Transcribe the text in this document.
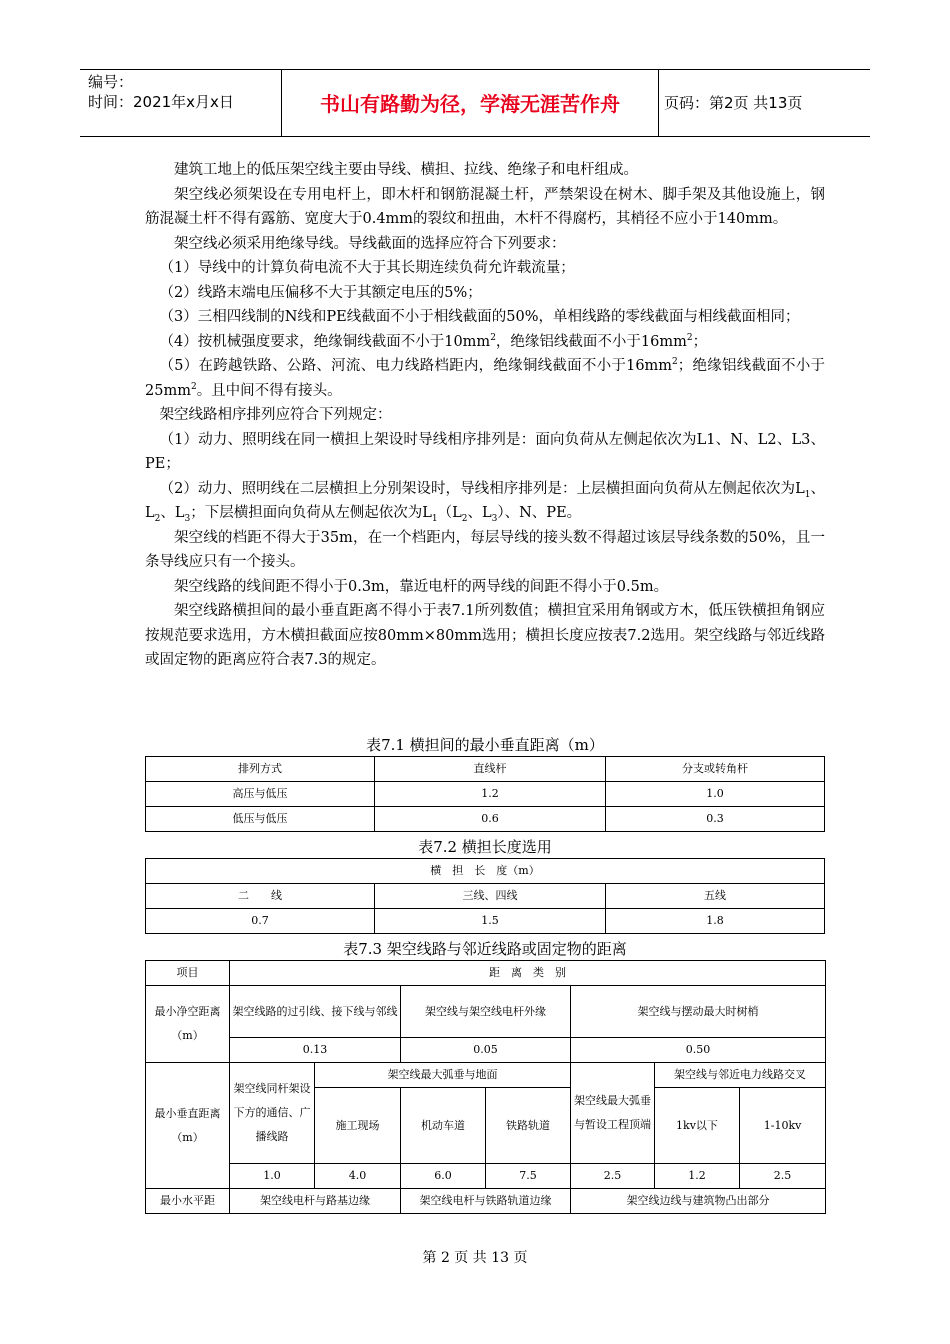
编号：
时间：2021年x月x日	书山有路勤为径，学海无涯苦作舟	页码：第2页 共13页

建筑工地上的低压架空线主要由导线、横担、拉线、绝缘子和电杆组成。

架空线必须架设在专用电杆上，即木杆和钢筋混凝土杆，严禁架设在树木、脚手架及其他设施上，钢筋混凝土杆不得有露筋、宽度大于0.4mm的裂纹和扭曲，木杆不得腐朽，其梢径不应小于140mm。

架空线必须采用绝缘导线。导线截面的选择应符合下列要求：

（1）导线中的计算负荷电流不大于其长期连续负荷允许载流量；

（2）线路末端电压偏移不大于其额定电压的5%；

（3）三相四线制的N线和PE线截面不小于相线截面的50%，单相线路的零线截面与相线截面相同；

（4）按机械强度要求，绝缘铜线截面不小于$10mm^2$，绝缘铝线截面不小于$16mm^2$；

（5）在跨越铁路、公路、河流、电力线路档距内，绝缘铜线截面不小于$16mm^2$；绝缘铝线截面不小于$25mm^2$。且中间不得有接头。

架空线路相序排列应符合下列规定：

（1）动力、照明线在同一横担上架设时导线相序排列是：面向负荷从左侧起依次为L1、N、L2、L3、PE；

（2）动力、照明线在二层横担上分别架设时，导线相序排列是：上层横担面向负荷从左侧起依次为$L_1$、$L_2$、$L_3$；下层横担面向负荷从左侧起依次为$L_1(L_2$、$L_3$）、N、PE。

架空线的档距不得大于35m，在一个档距内，每层导线的接头数不得超过该层导线条数的50%，且一条导线应只有一个接头。

架空线路的线间距不得小于0.3m，靠近电杆的两导线的间距不得小于0.5m。

架空线路横担间的最小垂直距离不得小于表7.1所列数值；横担宜采用角钢或方木，低压铁横担角钢应按规范要求选用，方木横担截面应按80mm×80mm选用；横担长度应按表7.2选用。架空线路与邻近线路或固定物的距离应符合表7.3的规定。

表7.1 横担间的最小垂直距离（m）
排列方式	直线杆	分支或转角杆
高压与低压	1.2	1.0
低压与低压	0.6	0.3
表7.2 横担长度选用
横　担　长　度（m）		
二　　线	三线、四线	五线
0.7	1.5	1.8
表7.3 架空线路与邻近线路或固定物的距离
项目	距　离　类　别						
最小净空距离（m）	架空线路的过引线、接下线与邻线		架空线与架空线电杆外缘		架空线与摆动最大时树梢		
	0.13		0.05		0.50		
最小垂直距离（m）	架空线同杆架设下方的通信、广播线路	架空线最大弧垂与地面			架空线最大弧垂与暂设工程顶端	架空线与邻近电力线路交叉	
		施工现场	机动车道	铁路轨道		1kv以下	1-10kv
	1.0	4.0	6.0	7.5	2.5	1.2	2.5
最小水平距	架空线电杆与路基边缘		架空线电杆与铁路轨道边缘		架空线边线与建筑物凸出部分		
第 2 页 共 13 页
